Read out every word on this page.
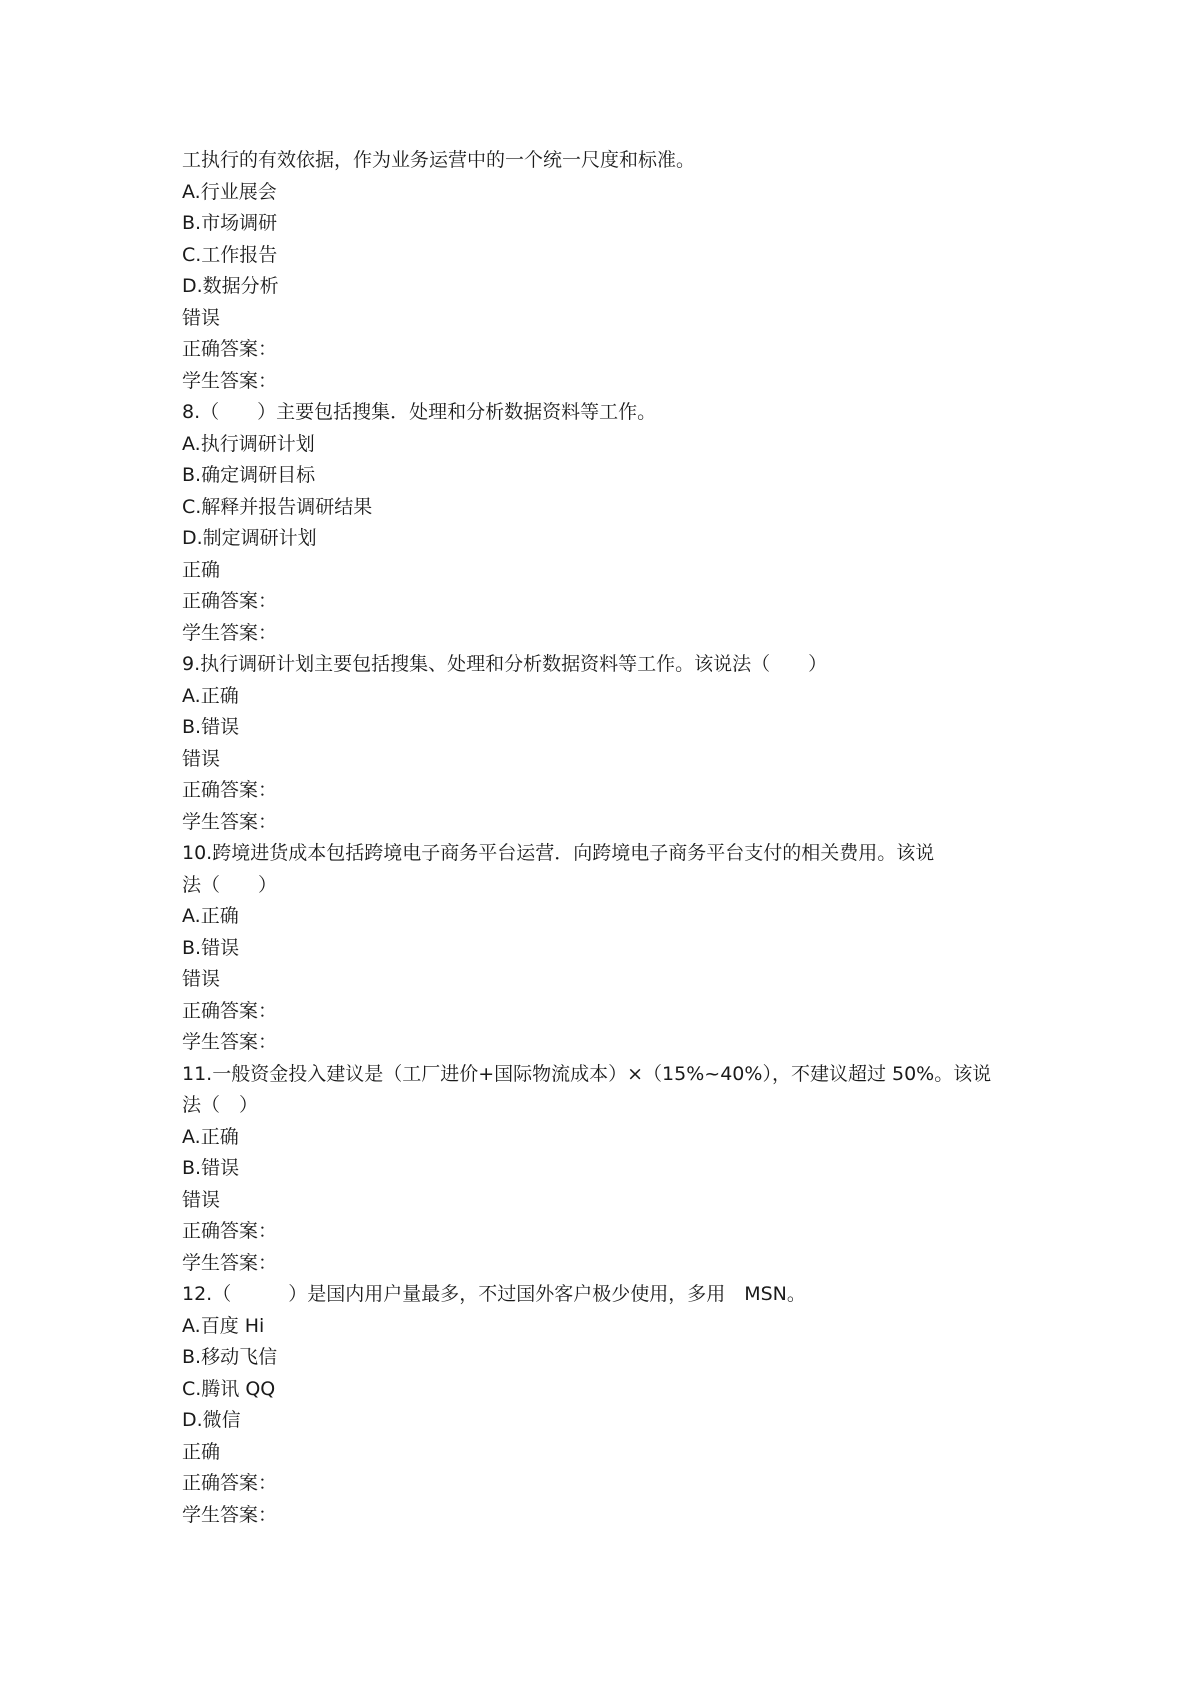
工执行的有效依据，作为业务运营中的一个统一尺度和标准。
A.行业展会
B.市场调研
C.工作报告
D.数据分析
错误
正确答案：
学生答案：
8.（　　）主要包括搜集．处理和分析数据资料等工作。
A.执行调研计划
B.确定调研目标
C.解释并报告调研结果
D.制定调研计划
正确
正确答案：
学生答案：
9.执行调研计划主要包括搜集、处理和分析数据资料等工作。该说法（　　）
A.正确
B.错误
错误
正确答案：
学生答案：
10.跨境进货成本包括跨境电子商务平台运营．向跨境电子商务平台支付的相关费用。该说
法（　　）
A.正确
B.错误
错误
正确答案：
学生答案：
11.一般资金投入建议是（工厂进价+国际物流成本）×（15%~40%），不建议超过 50%。该说
法（　）
A.正确
B.错误
错误
正确答案：
学生答案：
12.（　　　）是国内用户量最多，不过国外客户极少使用，多用　MSN。
A.百度 Hi
B.移动飞信
C.腾讯 QQ
D.微信
正确
正确答案：
学生答案：
